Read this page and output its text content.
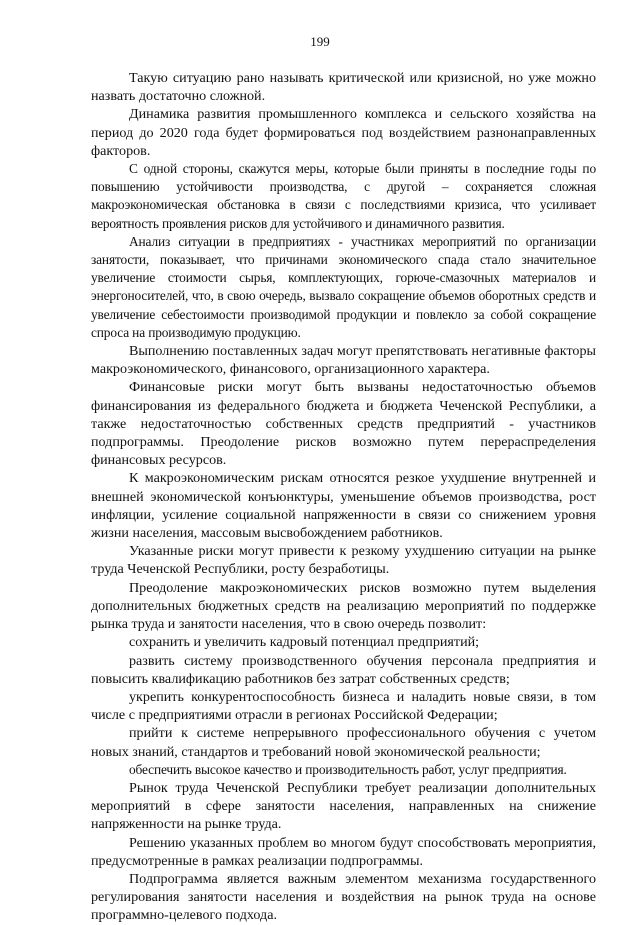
199

Такую ситуацию рано называть критической или кризисной, но уже можно назвать достаточно сложной.

Динамика развития промышленного комплекса и сельского хозяйства на период до 2020 года будет формироваться под воздействием разнонаправленных факторов.

С одной стороны, скажутся меры, которые были приняты в последние годы по повышению устойчивости производства, с другой – сохраняется сложная макроэкономическая обстановка в связи с последствиями кризиса, что усиливает вероятность проявления рисков для устойчивого и динамичного развития.

Анализ ситуации в предприятиях - участниках мероприятий по организации занятости, показывает, что причинами экономического спада стало значительное увеличение стоимости сырья, комплектующих, горюче-смазочных материалов и энергоносителей, что, в свою очередь, вызвало сокращение объемов оборотных средств и увеличение себестоимости производимой продукции и повлекло за собой сокращение спроса на производимую продукцию.

Выполнению поставленных задач могут препятствовать негативные факторы макроэкономического, финансового, организационного характера.

Финансовые риски могут быть вызваны недостаточностью объемов финансирования из федерального бюджета и бюджета Чеченской Республики, а также недостаточностью собственных средств предприятий - участников подпрограммы. Преодоление рисков возможно путем перераспределения финансовых ресурсов.

К макроэкономическим рискам относятся резкое ухудшение внутренней и внешней экономической конъюнктуры, уменьшение объемов производства, рост инфляции, усиление социальной напряженности в связи со снижением уровня жизни населения, массовым высвобождением работников.

Указанные риски могут привести к резкому ухудшению ситуации на рынке труда Чеченской Республики, росту безработицы.

Преодоление макроэкономических рисков возможно путем выделения дополнительных бюджетных средств на реализацию мероприятий по поддержке рынка труда и занятости населения, что в свою очередь позволит:

сохранить и увеличить кадровый потенциал предприятий;

развить систему производственного обучения персонала предприятия и повысить квалификацию работников без затрат собственных средств;

укрепить конкурентоспособность бизнеса и наладить новые связи, в том числе с предприятиями отрасли в регионах Российской Федерации;

прийти к системе непрерывного профессионального обучения с учетом новых знаний, стандартов и требований новой экономической реальности;

обеспечить высокое качество и производительность работ, услуг предприятия.

Рынок труда Чеченской Республики требует реализации дополнительных мероприятий в сфере занятости населения, направленных на снижение напряженности на рынке труда.

Решению указанных проблем во многом будут способствовать мероприятия, предусмотренные в рамках реализации подпрограммы.

Подпрограмма является важным элементом механизма государственного регулирования занятости населения и воздействия на рынок труда на основе программно-целевого подхода.
